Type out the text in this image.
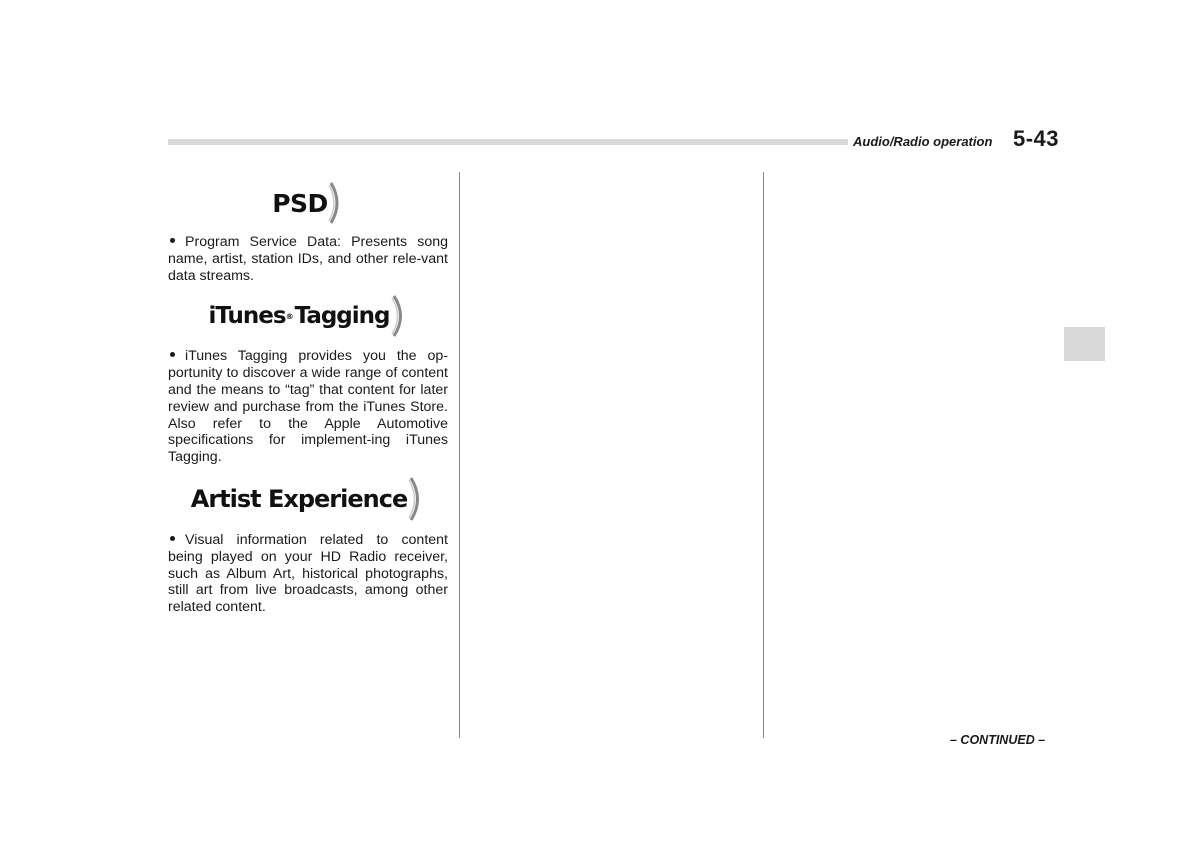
Audio/Radio operation 5-43
PSD

Program Service Data: Presents song name, artist, station IDs, and other rele-vant data streams.

iTunes ® Tagging

iTunes Tagging provides you the op-portunity to discover a wide range of content and the means to “tag” that content for later review and purchase from the iTunes Store. Also refer to the Apple Automotive specifications for implement-ing iTunes Tagging.

Artist Experience

Visual information related to content being played on your HD Radio receiver, such as Album Art, historical photographs, still art from live broadcasts, among other related content.

– CONTINUED –
